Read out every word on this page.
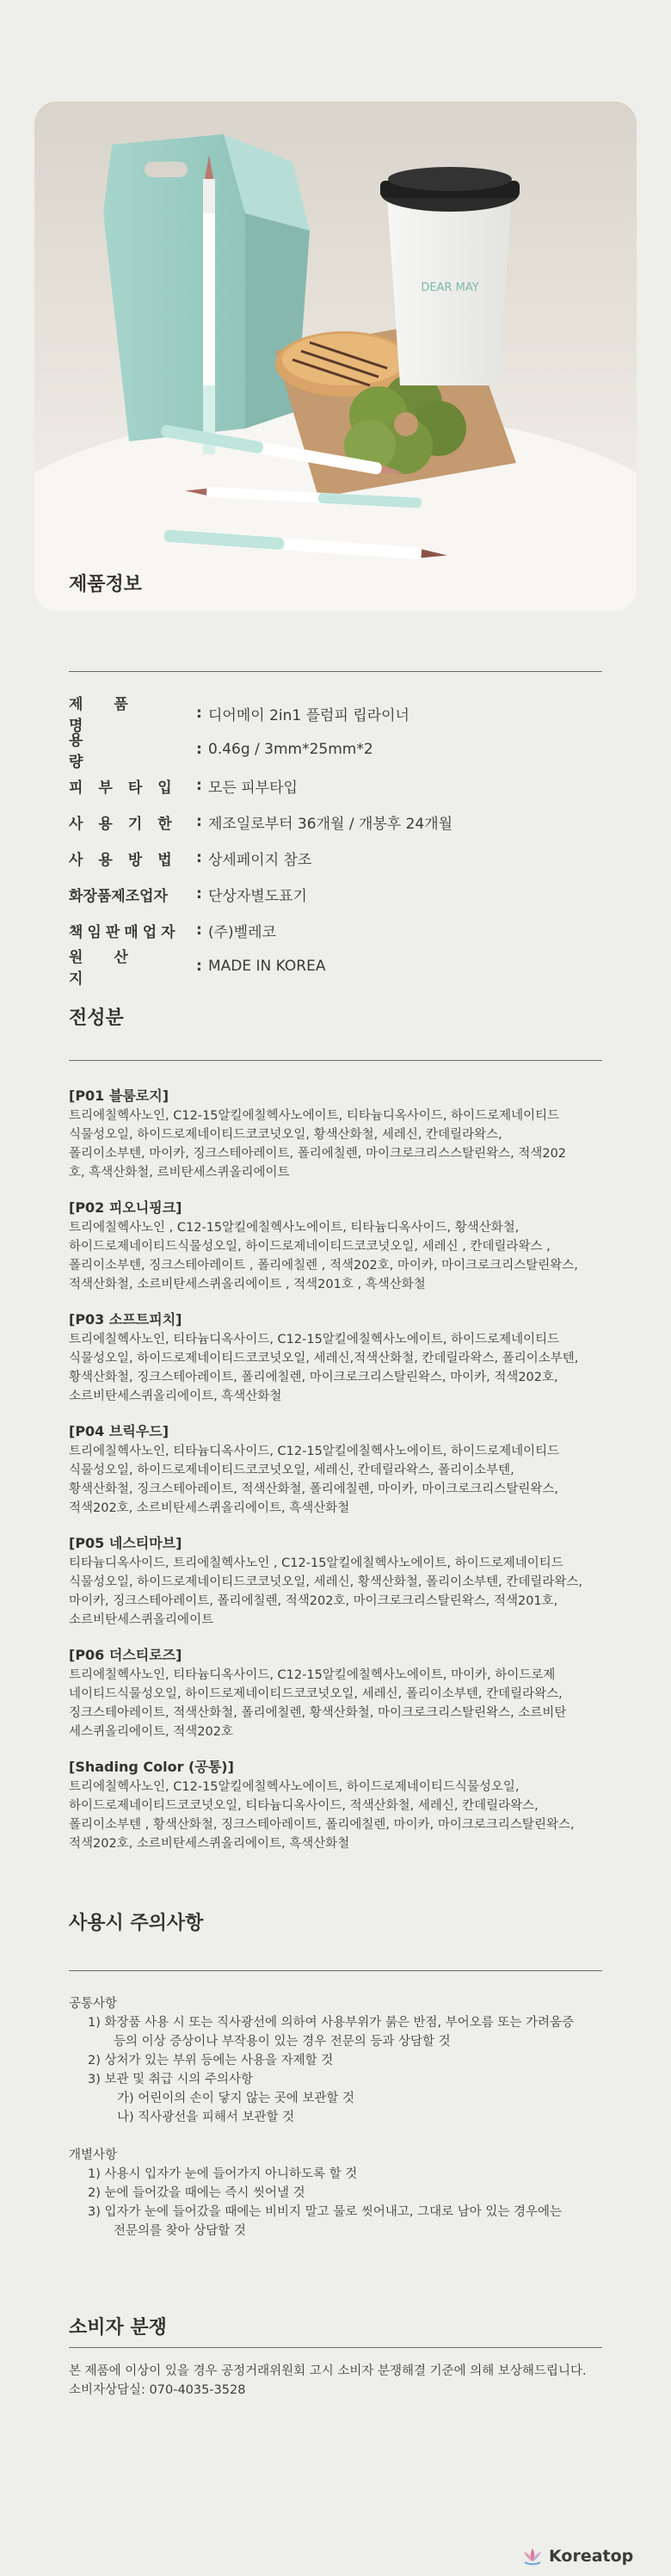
DEAR MAY
제품정보
제품명
: 디어메이 2in1 플럼피 립라이너
용량
: 0.46g / 3mm*25mm*2
피부타입 : 모든 피부타입
사용기한 : 제조일로부터 36개월 / 개봉후 24개월
사용방법 : 상세페이지 참조
화장품제조업자	: 단상자별도표기
책임판매업자	: (주)벨레코
원산지
: MADE IN KOREA
전성분
[P01 블룸로지]
트리에칠헥사노인, C12-15알킬에칠헥사노에이트, 티타늄디옥사이드, 하이드로제네이티드
식물성오일, 하이드로제네이티드코코넛오일, 황색산화철, 세레신, 칸데릴라왁스,
폴리이소부텐, 마이카, 징크스테아레이트, 폴리에칠렌, 마이크로크리스스탈린왁스, 적색202
호, 흑색산화철, 르비탄세스퀴올리에이트
[P02 피오니핑크]
트리에칠헥사노인 , C12-15알킬에칠헥사노에이트, 티타늄디옥사이드, 황색산화철,
하이드로제네이티드식물성오일, 하이드로제네이티드코코넛오일, 세레신 , 칸데릴라왁스 ,
폴리이소부텐, 징크스테아레이트 , 폴리에칠렌 , 적색202호, 마이카, 마이크로크리스탈린왁스,
적색산화철, 소르비탄세스퀴올리에이트 , 적색201호 , 흑색산화철
[P03 소프트피치]
트리에칠헥사노인, 티타늄디옥사이드, C12-15알킬에칠헥사노에이트, 하이드로제네이티드
식물성오일, 하이드로제네이티드코코넛오일, 세레신,적색산화철, 칸데릴라왁스, 폴리이소부텐,
황색산화철, 징크스테아레이트, 폴리에칠렌, 마이크로크리스탈린왁스, 마이카, 적색202호,
소르비탄세스퀴올리에이트, 흑색산화철
[P04 브릭우드]
트리에칠헥사노인, 티타늄디옥사이드, C12-15알킬에칠헥사노에이트, 하이드로제네이티드
식물성오일, 하이드로제네이티드코코넛오일, 세레신, 칸데릴라왁스, 폴리이소부텐,
황색산화철, 징크스테아레이트, 적색산화철, 폴리에칠렌, 마이카, 마이크로크리스탈린왁스,
적색202호, 소르비탄세스퀴올리에이트, 흑색산화철
[P05 네스티마브]
티타늄디옥사이드, 트리에칠헥사노인 , C12-15알킬에칠헥사노에이트, 하이드로제네이티드
식물성오일, 하이드로제네이티드코코넛오일, 세레신, 황색산화철, 폴리이소부텐, 칸데릴라왁스,
마이카, 징크스테아레이트, 폴리에칠렌, 적색202호, 마이크로크리스탈린왁스, 적색201호,
소르비탄세스퀴올리에이트
[P06 더스티로즈]
트리에칠헥사노인, 티타늄디옥사이드, C12-15알킬에칠헥사노에이트, 마이카, 하이드로제
네이티드식물성오일, 하이드로제네이티드코코넛오일, 세레신, 폴리이소부텐, 칸데릴라왁스,
징크스테아레이트, 적색산화철, 폴리에칠렌, 황색산화철, 마이크로크리스탈린왁스, 소르비탄
세스퀴올리에이트, 적색202호
[Shading Color (공통)]
트리에칠헥사노인, C12-15알킬에칠헥사노에이트, 하이드로제네이티드식물성오일,
하이드로제네이티드코코넛오일, 티타늄디옥사이드, 적색산화철, 세레신, 칸데릴라왁스,
폴리이소부텐 , 황색산화철, 징크스테아레이트, 폴리에칠렌, 마이카, 마이크로크리스탈린왁스,
적색202호, 소르비탄세스퀴올리에이트, 흑색산화철
사용시 주의사항
공통사항
1) 화장품 사용 시 또는 직사광선에 의하여 사용부위가 붉은 반점, 부어오름 또는 가려움증
등의 이상 증상이나 부작용이 있는 경우 전문의 등과 상담할 것
2) 상처가 있는 부위 등에는 사용을 자제할 것
3) 보관 및 취급 시의 주의사항
가) 어린이의 손이 닿지 않는 곳에 보관할 것
나) 직사광선을 피해서 보관할 것
개별사항
1) 사용시 입자가 눈에 들어가지 아니하도록 할 것
2) 눈에 들어갔을 때에는 즉시 씻어낼 것
3) 입자가 눈에 들어갔을 때에는 비비지 말고 물로 씻어내고, 그대로 남아 있는 경우에는
전문의를 찾아 상담할 것
소비자 분쟁
본 제품에 이상이 있을 경우 공정거래위원회 고시 소비자 분쟁해결 기준에 의해 보상해드립니다.
소비자상담실: 070-4035-3528
Koreatop
